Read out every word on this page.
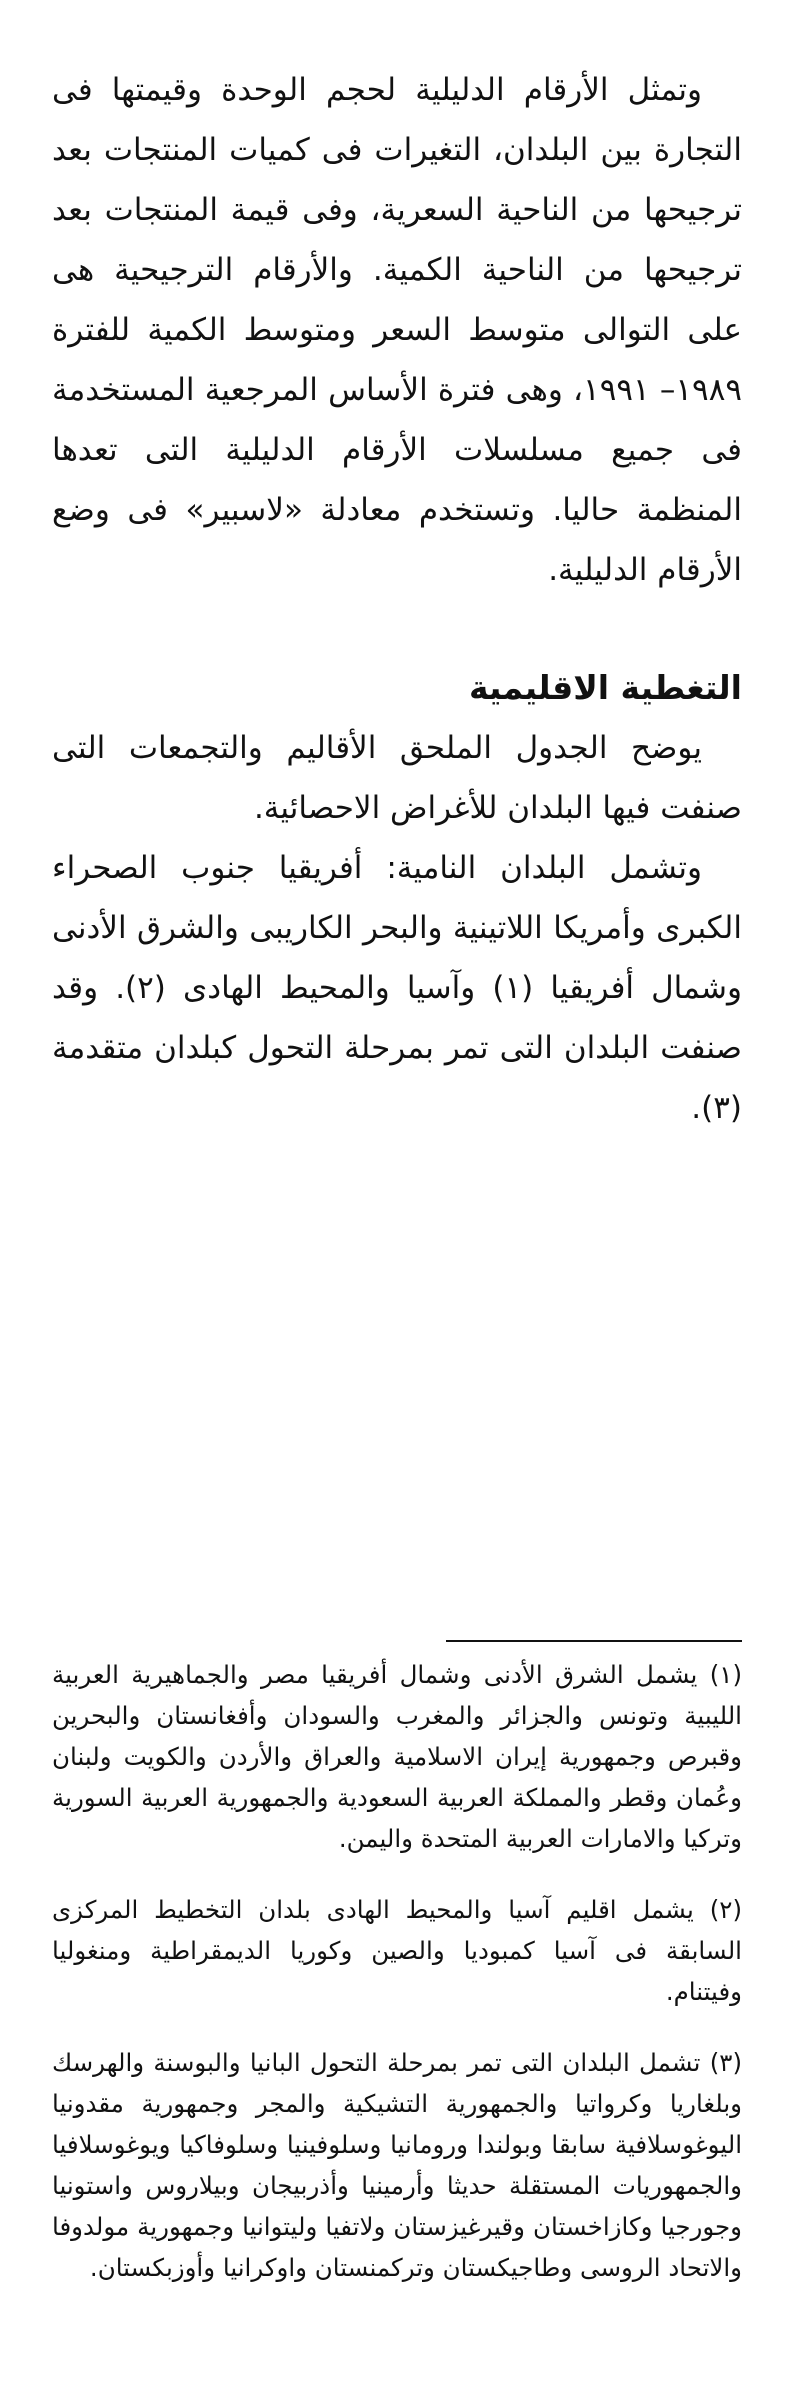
وتمثل الأرقام الدليلية لحجم الوحدة وقيمتها فى التجارة بين البلدان، التغيرات فى كميات المنتجات بعد ترجيحها من الناحية السعرية، وفى قيمة المنتجات بعد ترجيحها من الناحية الكمية. والأرقام الترجيحية هى على التوالى متوسط السعر ومتوسط الكمية للفترة ١٩٨٩– ١٩٩١، وهى فترة الأساس المرجعية المستخدمة فى جميع مسلسلات الأرقام الدليلية التى تعدها المنظمة حاليا. وتستخدم معادلة «لاسبير» فى وضع الأرقام الدليلية.

التغطية الاقليمية

يوضح الجدول الملحق الأقاليم والتجمعات التى صنفت فيها البلدان للأغراض الاحصائية.

وتشمل البلدان النامية: أفريقيا جنوب الصحراء الكبرى وأمريكا اللاتينية والبحر الكاريبى والشرق الأدنى وشمال أفريقيا (١) وآسيا والمحيط الهادى (٢). وقد صنفت البلدان التى تمر بمرحلة التحول كبلدان متقدمة (٣).

(١) يشمل الشرق الأدنى وشمال أفريقيا مصر والجماهيرية العربية الليبية وتونس والجزائر والمغرب والسودان وأفغانستان والبحرين وقبرص وجمهورية إيران الاسلامية والعراق والأردن والكويت ولبنان وعُمان وقطر والمملكة العربية السعودية والجمهورية العربية السورية وتركيا والامارات العربية المتحدة واليمن.

(٢) يشمل اقليم آسيا والمحيط الهادى بلدان التخطيط المركزى السابقة فى آسيا كمبوديا والصين وكوريا الديمقراطية ومنغوليا وفيتنام.

(٣) تشمل البلدان التى تمر بمرحلة التحول البانيا والبوسنة والهرسك وبلغاريا وكرواتيا والجمهورية التشيكية والمجر وجمهورية مقدونيا اليوغوسلافية سابقا وبولندا ورومانيا وسلوفينيا وسلوفاكيا ويوغوسلافيا والجمهوريات المستقلة حديثا وأرمينيا وأذربيجان وبيلاروس واستونيا وجورجيا وكازاخستان وقيرغيزستان ولاتفيا وليتوانيا وجمهورية مولدوفا والاتحاد الروسى وطاجيكستان وتركمنستان واوكرانيا وأوزبكستان.
